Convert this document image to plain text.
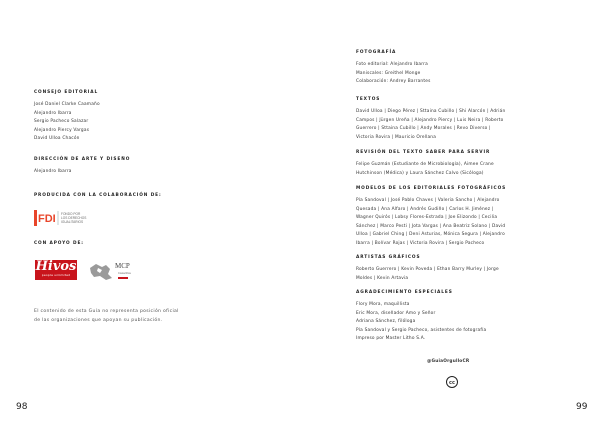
CONSEJO EDITORIAL
José Daniel Clarke Caamaño
Alejandro Ibarra
Sergio Pacheco Salazar
Alejandro Piercy Vargas
David Ulloa Chacón
DIRECCIÓN DE ARTE Y DISEÑO
Alejandro Ibarra
PRODUCIDA CON LA COLABORACIÓN DE:
FDI FONDO POR
LOS DERECHOS
IGUALITARIOS
CON APOYO DE:
Hivos
people unlimited
MCP
Costa Rica
El contenido de esta Guía no representa posición oficial
de las organizaciones que apoyan su publicación.
98
FOTOGRAFÍA
Foto editorial: Alejandro Ibarra
Maniscales: Greithel Monge
Colaboración: Andrey Barrantes
TEXTOS
David Ulloa | Diego Pérez | Sttaina Cubillo | Shi Alarcón | Adrián
Campos | Jürgen Ureña | Alejandro Piercy | Luis Neira | Roberto
Guerrero | Sttaina Cubillo | Andy Morales | Revo Diverso |
Victoria Rovira | Mauricio Orellana
REVISIÓN DEL TEXTO SABER PARA SERVIR
Felipe Guzmán (Estudiante de Microbiología), Aimee Crane
Hutchinson (Médica) y Laura Sánchez Calvo (Sicóloga)
MODELOS DE LOS EDITORIALES FOTOGRÁFICOS
Pía Sandoval | José Pablo Chaves | Valeria Sancho | Alejandro
Quesada | Ana Alfaro | Andrés Gudiño | Carlos H. Jiménez |
Wagner Quirós | Lobsy Flores-Estrada | Joe Elizondo | Cecilia
Sánchez | Marco Pesti | Jota Vargas | Ana Beatriz Solano | David
Ulloa | Gabriel Ching | Deni Asturias, Mónica Segura | Alejandro
Ibarra | Bolívar Rojas | Victoria Rovira | Sergio Pacheco
ARTISTAS GRÁFICOS
Roberto Guerrero | Kevin Poveda | Ethan Barry Murley | Jorge
Moldes | Kevin Artavia
AGRADECIMIENTO ESPECIALES
Flory Mora, maquillista
Eric Mora, diseñador Amo y Señor
Adriana Sánchez, filóloga
Pía Sandoval y Sergio Pacheco, asistentes de fotografía
Impreso por Master Litho S.A.
@GuiaOrgulloCR
cc
99
